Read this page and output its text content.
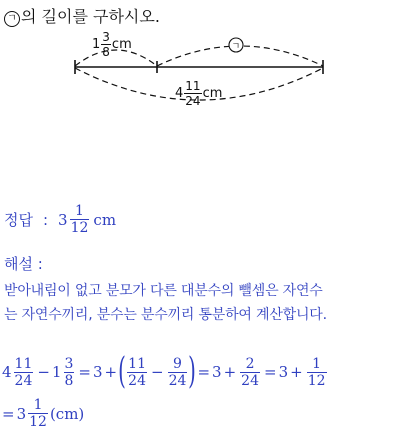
ㄱ 의 길이를 구하시오.
ㄱ
$1 \frac{3}{8}$ cm
$4 \frac{11}{24}$ cm
정답 : $3 \frac{1}{12}$ cm
해설 :
받아내림이 없고 분모가 다른 대분수의 뺄셈은 자연수
는 자연수끼리, 분수는 분수끼리 통분하여 계산합니다.
$4 \frac{11}{24} - 1 \frac{3}{8} = 3$ + ( $\frac{11}{24} - \frac{9}{24}$ ) = $3 + \frac{2}{24} = 3 + \frac{1}{12}$
= $3 \frac{1}{12} (cm)$
